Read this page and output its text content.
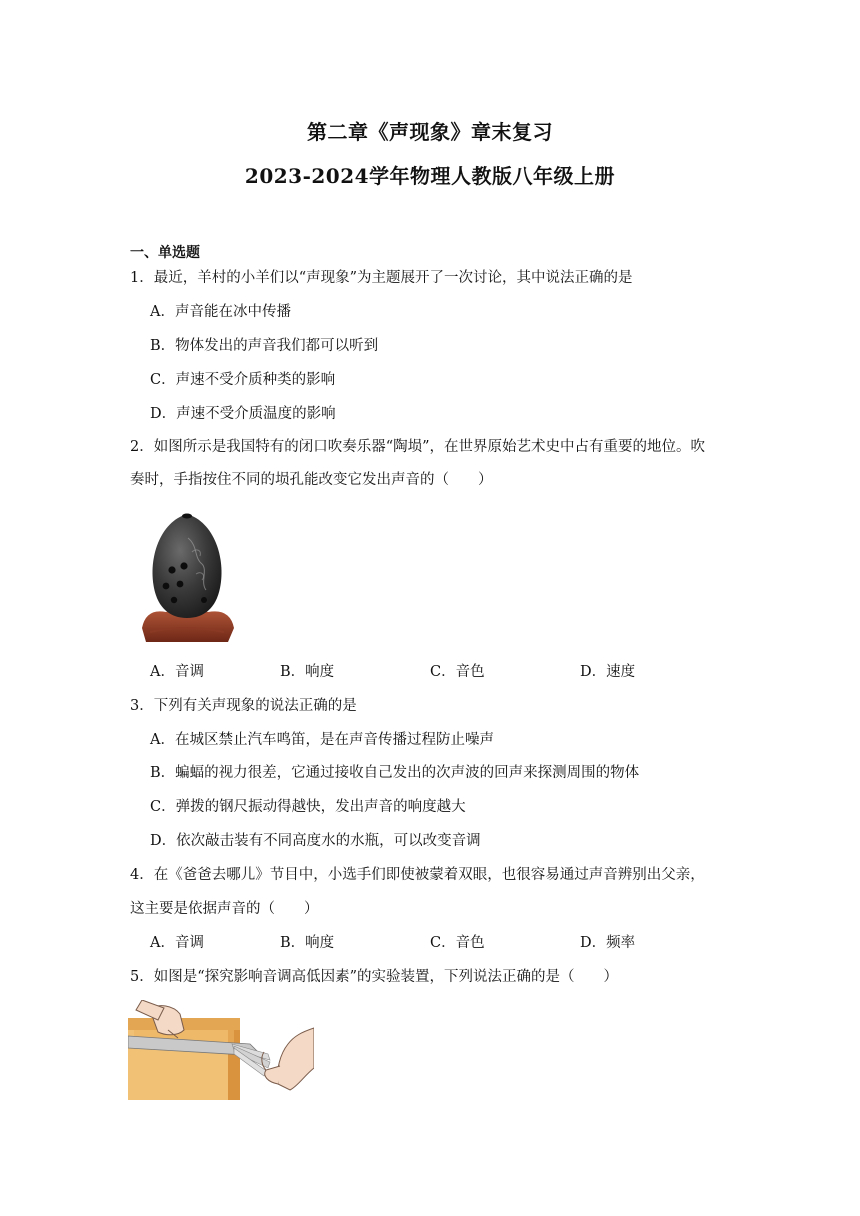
第二章《声现象》章末复习
2023-2024学年物理人教版八年级上册
一、单选题
1．最近，羊村的小羊们以“声现象”为主题展开了一次讨论，其中说法正确的是
A．声音能在冰中传播
B．物体发出的声音我们都可以听到
C．声速不受介质种类的影响
D．声速不受介质温度的影响
2．如图所示是我国特有的闭口吹奏乐器“陶埙”，在世界原始艺术史中占有重要的地位。吹
奏时，手指按住不同的埙孔能改变它发出声音的（　　）
A．音调	B．响度	C．音色	D．速度
3．下列有关声现象的说法正确的是
A．在城区禁止汽车鸣笛，是在声音传播过程防止噪声
B．蝙蝠的视力很差，它通过接收自己发出的次声波的回声来探测周围的物体
C．弹拨的钢尺振动得越快，发出声音的响度越大
D．依次敲击装有不同高度水的水瓶，可以改变音调
4．在《爸爸去哪儿》节目中，小选手们即使被蒙着双眼，也很容易通过声音辨别出父亲，
这主要是依据声音的（　　）
A．音调	B．响度	C．音色	D．频率
5．如图是“探究影响音调高低因素”的实验装置，下列说法正确的是（　　）
